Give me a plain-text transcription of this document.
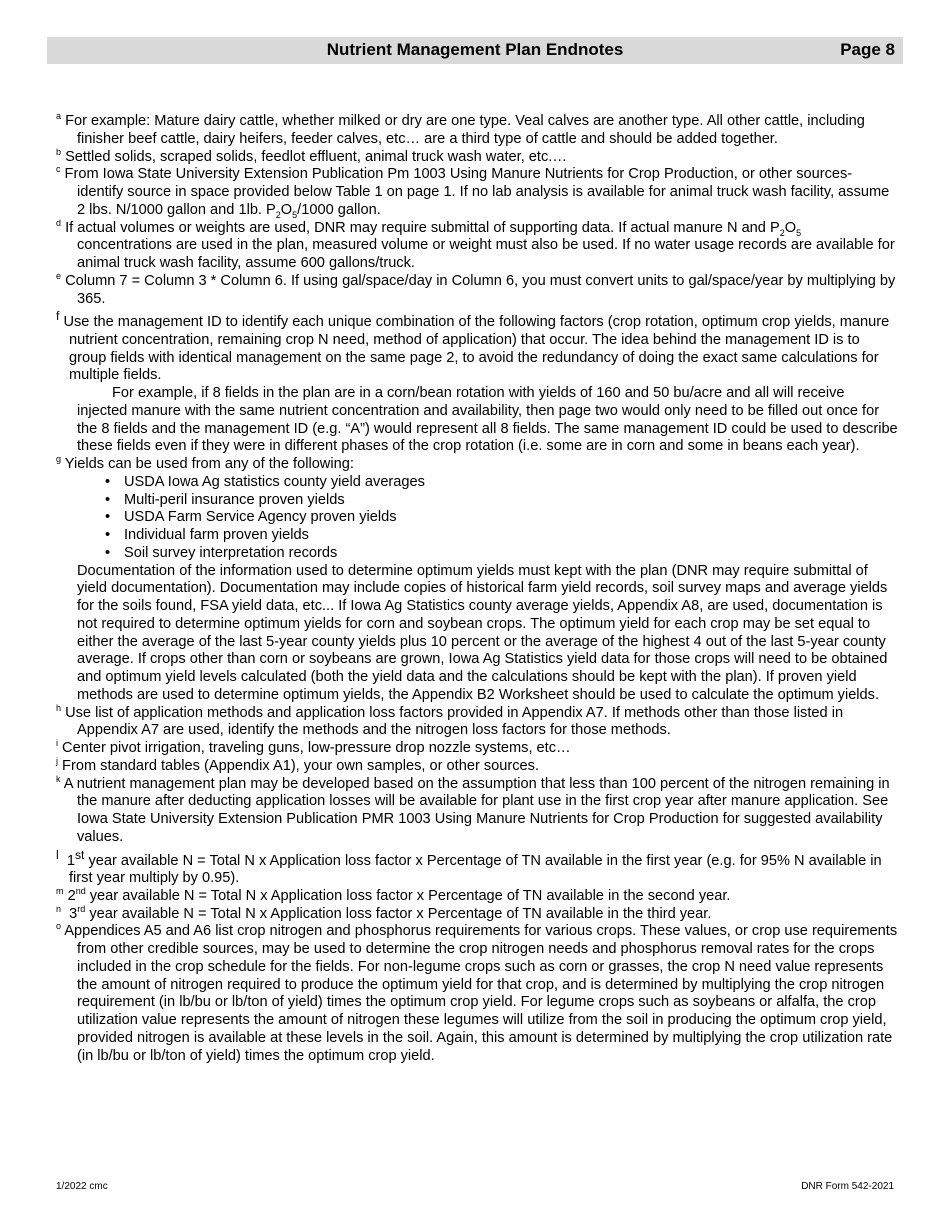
Nutrient Management Plan Endnotes	Page 8
$^a$ For example: Mature dairy cattle, whether milked or dry are one type. Veal calves are another type. All other cattle, including finisher beef cattle, dairy heifers, feeder calves, etc… are a third type of cattle and should be added together.
$^b$ Settled solids, scraped solids, feedlot effluent, animal truck wash water, etc.…
$^c$ From Iowa State University Extension Publication Pm 1003 Using Manure Nutrients for Crop Production, or other sources- identify source in space provided below Table 1 on page 1. If no lab analysis is available for animal truck wash facility, assume 2 lbs. N/1000 gallon and 1lb. $P_2O_5/1000$ gallon.
$^d$ If actual volumes or weights are used, DNR may require submittal of supporting data. If actual manure N and $P_2O_5$ concentrations are used in the plan, measured volume or weight must also be used. If no water usage records are available for animal truck wash facility, assume 600 gallons/truck.
$^e$ Column 7 = Column 3 * Column 6. If using gal/space/day in Column 6, you must convert units to gal/space/year by multiplying by 365.
$^f$ Use the management ID to identify each unique combination of the following factors (crop rotation, optimum crop yields, manure nutrient concentration, remaining crop N need, method of application) that occur. The idea behind the management ID is to group fields with identical management on the same page 2, to avoid the redundancy of doing the exact same calculations for multiple fields.
For example, if 8 fields in the plan are in a corn/bean rotation with yields of 160 and 50 bu/acre and all will receive injected manure with the same nutrient concentration and availability, then page two would only need to be filled out once for the 8 fields and the management ID (e.g. “A”) would represent all 8 fields. The same management ID could be used to describe these fields even if they were in different phases of the crop rotation (i.e. some are in corn and some in beans each year).
$^g$ Yields can be used from any of the following:
• USDA Iowa Ag statistics county yield averages
• Multi-peril insurance proven yields
• USDA Farm Service Agency proven yields
• Individual farm proven yields
• Soil survey interpretation records
Documentation of the information used to determine optimum yields must kept with the plan (DNR may require submittal of yield documentation). Documentation may include copies of historical farm yield records, soil survey maps and average yields for the soils found, FSA yield data, etc... If Iowa Ag Statistics county average yields, Appendix A8, are used, documentation is not required to determine optimum yields for corn and soybean crops. The optimum yield for each crop may be set equal to either the average of the last 5-year county yields plus 10 percent or the average of the highest 4 out of the last 5-year county average. If crops other than corn or soybeans are grown, Iowa Ag Statistics yield data for those crops will need to be obtained and optimum yield levels calculated (both the yield data and the calculations should be kept with the plan). If proven yield methods are used to determine optimum yields, the Appendix B2 Worksheet should be used to calculate the optimum yields.
$^h$ Use list of application methods and application loss factors provided in Appendix A7. If methods other than those listed in Appendix A7 are used, identify the methods and the nitrogen loss factors for those methods.
$^i$ Center pivot irrigation, traveling guns, low-pressure drop nozzle systems, etc…
$^j$ From standard tables (Appendix A1), your own samples, or other sources.
$^k$ A nutrient management plan may be developed based on the assumption that less than 100 percent of the nitrogen remaining in the manure after deducting application losses will be available for plant use in the first crop year after manure application. See Iowa State University Extension Publication PMR 1003 Using Manure Nutrients for Crop Production for suggested availability values.
$^l$ 1st year available N = Total N x Application loss factor x Percentage of TN available in the first year (e.g. for 95% N available in first year multiply by 0.95).
$^m$ 2nd year available N = Total N x Application loss factor x Percentage of TN available in the second year.
$^n$ 3rd year available N = Total N x Application loss factor x Percentage of TN available in the third year.
$^o$ Appendices A5 and A6 list crop nitrogen and phosphorus requirements for various crops. These values, or crop use requirements from other credible sources, may be used to determine the crop nitrogen needs and phosphorus removal rates for the crops included in the crop schedule for the fields. For non-legume crops such as corn or grasses, the crop N need value represents the amount of nitrogen required to produce the optimum yield for that crop, and is determined by multiplying the crop nitrogen requirement (in lb/bu or lb/ton of yield) times the optimum crop yield. For legume crops such as soybeans or alfalfa, the crop utilization value represents the amount of nitrogen these legumes will utilize from the soil in producing the optimum crop yield, provided nitrogen is available at these levels in the soil. Again, this amount is determined by multiplying the crop utilization rate (in lb/bu or lb/ton of yield) times the optimum crop yield.
1/2022 cmc	DNR Form 542-2021
